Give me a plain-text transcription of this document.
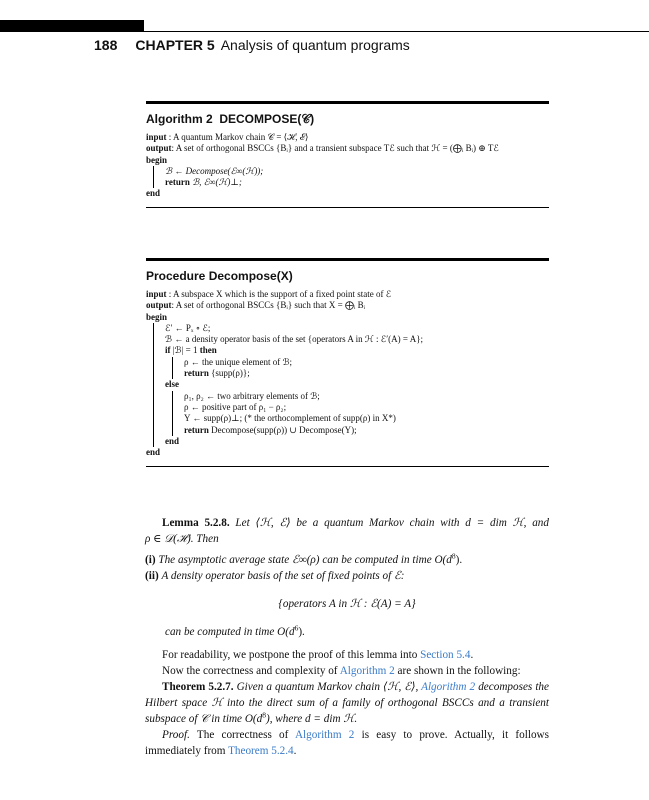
188 CHAPTER 5 Analysis of quantum programs
Algorithm 2 DECOMPOSE(𝒞)
input : A quantum Markov chain 𝒞 = ⟨ℋ, ℰ⟩
output: A set of orthogonal BSCCs {Bᵢ} and a transient subspace Tℰ such that ℋ = (⨁ᵢ Bᵢ) ⊕ Tℰ
begin
ℬ ← Decompose(ℰ∞(ℋ));
return ℬ, ℰ∞(ℋ)⊥;
end
Procedure Decompose(X)
input : A subspace X which is the support of a fixed point state of ℰ
output: A set of orthogonal BSCCs {Bᵢ} such that X = ⨁ᵢ Bᵢ
begin
ℰ′ ← Pₓ ∘ ℰ;
ℬ ← a density operator basis of the set {operators A in ℋ : ℰ′(A) = A};
if |ℬ| = 1 then
ρ ← the unique element of ℬ;
return {supp(ρ)};
else
ρ₁, ρ₂ ← two arbitrary elements of ℬ;
ρ ← positive part of ρ₁ − ρ₂;
Y ← supp(ρ)⊥; (* the orthocomplement of supp(ρ) in X*)
return Decompose(supp(ρ)) ∪ Decompose(Y);
end
end
Lemma 5.2.8. Let ⟨ℋ, ℰ⟩ be a quantum Markov chain with d = dim ℋ, and
ρ ∈ 𝒟(ℋ). Then
(i) The asymptotic average state ℰ∞(ρ) can be computed in time $O(d^8)$.
(ii) A density operator basis of the set of fixed points of ℰ:
{operators A in ℋ : ℰ(A) = A}
can be computed in time $O(d^6)$.
For readability, we postpone the proof of this lemma into Section 5.4.
Now the correctness and complexity of Algorithm 2 are shown in the following:
Theorem 5.2.7. Given a quantum Markov chain ⟨ℋ, ℰ⟩, Algorithm 2 decomposes the Hilbert space ℋ into the direct sum of a family of orthogonal BSCCs and a transient subspace of 𝒞 in time $O(d^8)$, where d = dim ℋ.
Proof. The correctness of Algorithm 2 is easy to prove. Actually, it follows immediately from Theorem 5.2.4.
